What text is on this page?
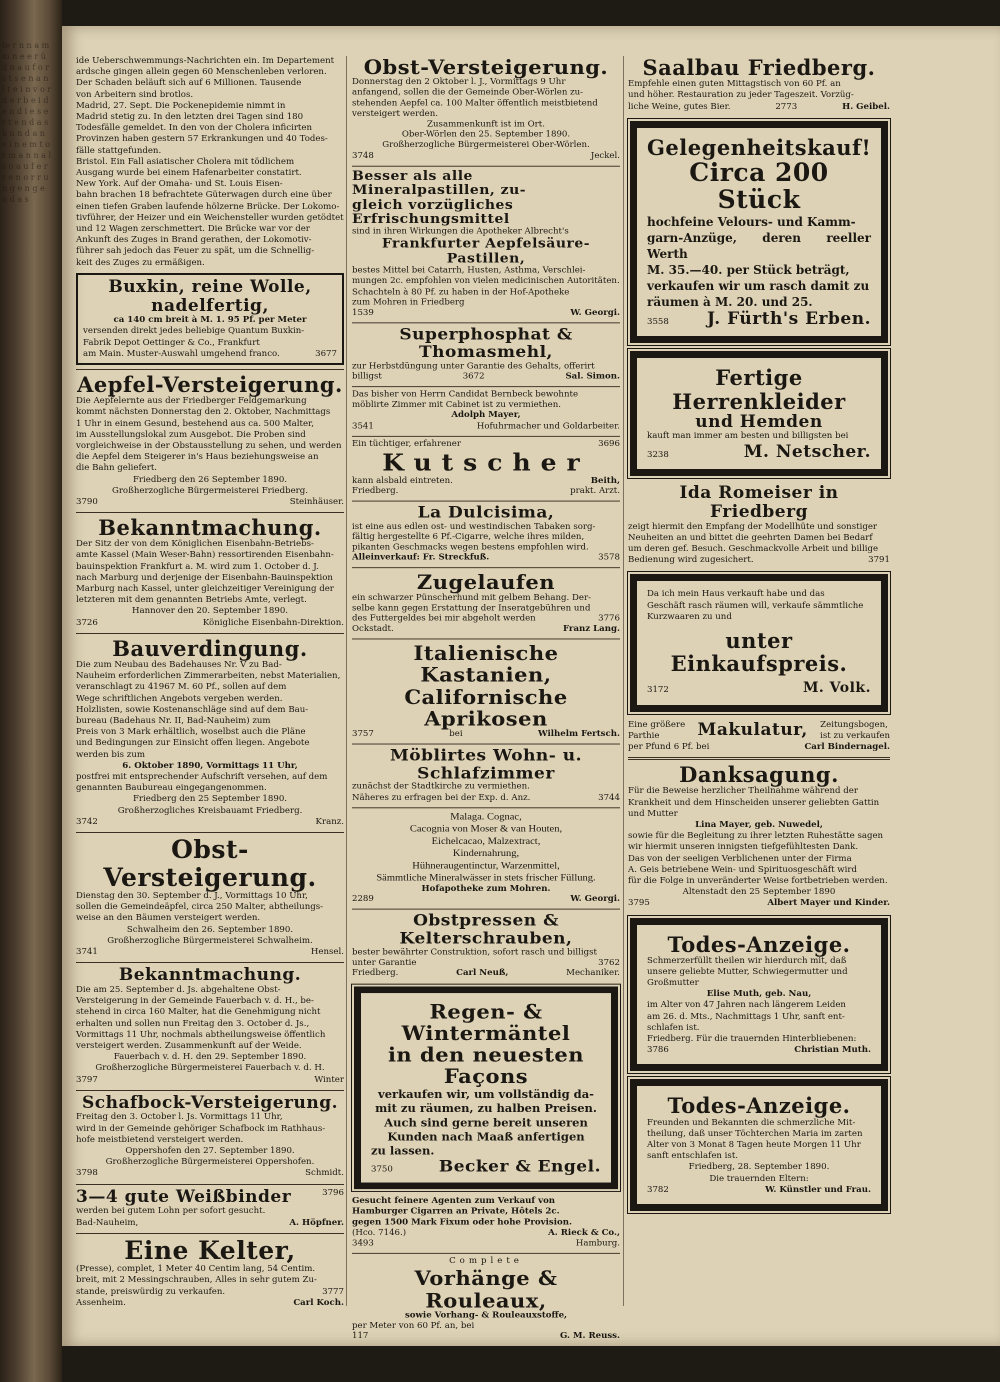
te r n n a m m n e e r ü d n a u f o r s t s e n a n l t e i n v o r d e r b e i d e n d i e s e r t e n d a s k u n d a n e i n e m t o r m a n n a l s o a u f e r r e n o r r u n g e n g e n d a s

ide Ueberschwemmungs-Nachrichten ein. Im Departement

ardsche gingen allein gegen 60 Menschenleben verloren.

Der Schaden beläuft sich auf 6 Millionen. Tausende

von Arbeitern sind brotlos.

Madrid, 27. Sept. Die Pockenepidemie nimmt in

Madrid stetig zu. In den letzten drei Tagen sind 180

Todesfälle gemeldet. In den von der Cholera inficirten

Provinzen haben gestern 57 Erkrankungen und 40 Todes-

fälle stattgefunden.

Bristol. Ein Fall asiatischer Cholera mit tödlichem

Ausgang wurde bei einem Hafenarbeiter constatirt.

New York. Auf der Omaha- und St. Louis Eisen-

bahn brachen 18 befrachtete Güterwagen durch eine über

einen tiefen Graben laufende hölzerne Brücke. Der Lokomo-

tivführer, der Heizer und ein Weichensteller wurden getödtet

und 12 Wagen zerschmettert. Die Brücke war vor der

Ankunft des Zuges in Brand gerathen, der Lokomotiv-

führer sah jedoch das Feuer zu spät, um die Schnellig-

keit des Zuges zu ermäßigen.

Buxkin, reine Wolle, nadelfertig,

ca 140 cm breit à M. 1. 95 Pf. per Meter

versenden direkt jedes beliebige Quantum Buxkin-

Fabrik Depot Oettinger & Co., Frankfurt

am Main. Muster-Auswahl umgehend franco.	3677
Aepfel-Versteigerung.

Die Aepfelernte aus der Friedberger Feldgemarkung

kommt nächsten Donnerstag den 2. Oktober, Nachmittags

1 Uhr in einem Gesund, bestehend aus ca. 500 Malter,

im Ausstellungslokal zum Ausgebot. Die Proben sind

vorgleichweise in der Obstausstellung zu sehen, und werden

die Aepfel dem Steigerer in's Haus beziehungsweise an

die Bahn geliefert.

Friedberg den 26 September 1890.

Großherzogliche Bürgermeisterei Friedberg.

3790	Steinhäuser.
Bekanntmachung.

Der Sitz der von dem Königlichen Eisenbahn-Betriebs-

amte Kassel (Main Weser-Bahn) ressortirenden Eisenbahn-

bauinspektion Frankfurt a. M. wird zum 1. October d. J.

nach Marburg und derjenige der Eisenbahn-Bauinspektion

Marburg nach Kassel, unter gleichzeitiger Vereinigung der

letzteren mit dem genannten Betriebs Amte, verlegt.

Hannover den 20. September 1890.

3726	Königliche Eisenbahn-Direktion.
Bauverdingung.

Die zum Neubau des Badehauses Nr. V zu Bad-

Nauheim erforderlichen Zimmerarbeiten, nebst Materialien,

veranschlagt zu 41967 M. 60 Pf., sollen auf dem

Wege schriftlichen Angebots vergeben werden.

Holzlisten, sowie Kostenanschläge sind auf dem Bau-

bureau (Badehaus Nr. II, Bad-Nauheim) zum

Preis von 3 Mark erhältlich, woselbst auch die Pläne

und Bedingungen zur Einsicht offen liegen. Angebote

werden bis zum

6. Oktober 1890, Vormittags 11 Uhr,

postfrei mit entsprechender Aufschrift versehen, auf dem

genannten Baubureau eingegangenommen.

Friedberg den 25 September 1890.

Großherzogliches Kreisbauamt Friedberg.

3742	Kranz.
Obst-Versteigerung.

Dienstag den 30. September d. J., Vormittags 10 Uhr,

sollen die Gemeindeäpfel, circa 250 Malter, abtheilungs-

weise an den Bäumen versteigert werden.

Schwalheim den 26. September 1890.

Großherzogliche Bürgermeisterei Schwalheim.

3741	Hensel.
Bekanntmachung.

Die am 25. September d. Js. abgehaltene Obst-

Versteigerung in der Gemeinde Fauerbach v. d. H., be-

stehend in circa 160 Malter, hat die Genehmigung nicht

erhalten und sollen nun Freitag den 3. October d. Js.,

Vormittags 11 Uhr, nochmals abtheilungsweise öffentlich

versteigert werden. Zusammenkunft auf der Weide.

Fauerbach v. d. H. den 29. September 1890.

Großherzogliche Bürgermeisterei Fauerbach v. d. H.

3797	Winter
Schafbock-Versteigerung.

Freitag den 3. October l. Js. Vormittags 11 Uhr,

wird in der Gemeinde gehöriger Schafbock im Rathhaus-

hofe meistbietend versteigert werden.

Oppershofen den 27. September 1890.

Großherzogliche Bürgermeisterei Oppershofen.

3798	Schmidt.
3—4 gute Weißbinder	3796

werden bei gutem Lohn per sofort gesucht.

Bad-Nauheim,	A. Höpfner.
Eine Kelter,

(Presse), complet, 1 Meter 40 Centim lang, 54 Centim.

breit, mit 2 Messingschrauben, Alles in sehr gutem Zu-

stande, preiswürdig zu verkaufen.	3777
Assenheim.	Carl Koch.
Obst-Versteigerung.

Donnerstag den 2 Oktober l. J., Vormittags 9 Uhr

anfangend, sollen die der Gemeinde Ober-Wörlen zu-

stehenden Aepfel ca. 100 Malter öffentlich meistbietend

versteigert werden.

Zusammenkunft ist im Ort.

Ober-Wörlen den 25. September 1890.

Großherzogliche Bürgermeisterei Ober-Wörlen.

3748	Jeckel.
Besser als alle Mineralpastillen, zu-
gleich vorzügliches Erfrischungsmittel

sind in ihren Wirkungen die Apotheker Albrecht's

Frankfurter Aepfelsäure-Pastillen,

bestes Mittel bei Catarrh, Husten, Asthma, Verschlei-

mungen 2c. empfohlen von vielen medicinischen Autoritäten.

Schachteln à 80 Pf. zu haben in der Hof-Apotheke

zum Mohren in Friedberg

1539	W. Georgi.
Superphosphat & Thomasmehl,

zur Herbstdüngung unter Garantie des Gehalts, offerirt

billigst	3672	Sal. Simon.

Das bisher von Herrn Candidat Bernbeck bewohnte

möblirte Zimmer mit Cabinet ist zu vermiethen.

Adolph Mayer,

3541	Hofuhrmacher und Goldarbeiter.
Ein tüchtiger, erfahrener	3696
Kutscher
kann alsbald eintreten.	Beith,
Friedberg.	prakt. Arzt.
La Dulcisima,

ist eine aus edlen ost- und westindischen Tabaken sorg-

fältig hergestellte 6 Pf.-Cigarre, welche ihres milden,

pikanten Geschmacks wegen bestens empfohlen wird.

Alleinverkauf: Fr. Streckfuß.	3578
Zugelaufen

ein schwarzer Pünscherhund mit gelbem Behang. Der-

selbe kann gegen Erstattung der Inseratgebühren und

des Futtergeldes bei mir abgeholt werden	3776
Ockstadt.	Franz Lang.
Italienische Kastanien,
Californische Aprikosen
3757	bei	Wilhelm Fertsch.
Möblirtes Wohn- u. Schlafzimmer

zunächst der Stadtkirche zu vermiethen.

Näheres zu erfragen bei der Exp. d. Anz.	3744

Malaga. Cognac,

Cacognia von Moser & van Houten,

Eichelcacao, Malzextract,

Kindernahrung,

Hühneraugentinctur, Warzenmittel,

Sämmtliche Mineralwässer in stets frischer Füllung.

Hofapotheke zum Mohren.

2289	W. Georgi.
Obstpressen & Kelterschrauben,

bester bewährter Construktion, sofort rasch und billigst

unter Garantie	3762
Friedberg.	Carl Neuß,	Mechaniker.
Regen- & Wintermäntel
in den neuesten Façons

verkaufen wir, um vollständig da-

mit zu räumen, zu halben Preisen.

Auch sind gerne bereit unseren

Kunden nach Maaß anfertigen

zu lassen.

3750	Becker & Engel.

Gesucht feinere Agenten zum Verkauf von

Hamburger Cigarren an Private, Hôtels 2c.

gegen 1500 Mark Fixum oder hohe Provision.

(Hco. 7146.)	A. Rieck & Co.,
3493	Hamburg.

Complete

Vorhänge & Rouleaux,

sowie Vorhang- & Rouleauxstoffe,

per Meter von 60 Pf. an, bei

117	G. M. Reuss.
Saalbau Friedberg.

Empfehle einen guten Mittagstisch von 60 Pf. an

und höher. Restauration zu jeder Tageszeit. Vorzüg-

liche Weine, gutes Bier.	2773	H. Geibel.
Gelegenheitskauf!
Circa 200 Stück

hochfeine Velours- und Kamm-

garn-Anzüge, deren reeller Werth

M. 35.—40. per Stück beträgt,

verkaufen wir um rasch damit zu

räumen à M. 20. und 25.

3558 J. Fürth's Erben.
Fertige Herrenkleider
und Hemden

kauft man immer am besten und billigsten bei

3238	M. Netscher.
Ida Romeiser in Friedberg

zeigt hiermit den Empfang der Modellhüte und sonstiger

Neuheiten an und bittet die geehrten Damen bei Bedarf

um deren gef. Besuch. Geschmackvolle Arbeit und billige

Bedienung wird zugesichert.	3791

Da ich mein Haus verkauft habe und das

Geschäft rasch räumen will, verkaufe sämmtliche

Kurzwaaren zu und

unter Einkaufspreis.
3172	M. Volk.

Eine größere

Parthie	Makulatur, Zeitungsbogen,

ist zu verkaufen

per Pfund 6 Pf. bei	Carl Bindernagel.
Danksagung.

Für die Beweise herzlicher Theilnahme während der

Krankheit und dem Hinscheiden unserer geliebten Gattin

und Mutter

Lina Mayer, geb. Nuwedel,

sowie für die Begleitung zu ihrer letzten Ruhestätte sagen

wir hiermit unseren innigsten tiefgefühltesten Dank.

Das von der seeligen Verblichenen unter der Firma

A. Geis betriebene Wein- und Spirituosgeschäft wird

für die Folge in unveränderter Weise fortbetrieben werden.

Altenstadt den 25 September 1890

3795	Albert Mayer und Kinder.
Todes-Anzeige.

Schmerzerfüllt theilen wir hierdurch mit, daß

unsere geliebte Mutter, Schwiegermutter und

Großmutter

Elise Muth, geb. Nau,

im Alter von 47 Jahren nach längerem Leiden

am 26. d. Mts., Nachmittags 1 Uhr, sanft ent-

schlafen ist.

Friedberg. Für die trauernden Hinterbliebenen:

3786	Christian Muth.
Todes-Anzeige.

Freunden und Bekannten die schmerzliche Mit-

theilung, daß unser Töchterchen Maria im zarten

Alter von 3 Monat 8 Tagen heute Morgen 11 Uhr

sanft entschlafen ist.

Friedberg, 28. September 1890.

Die trauernden Eltern:

3782	W. Künstler und Frau.
